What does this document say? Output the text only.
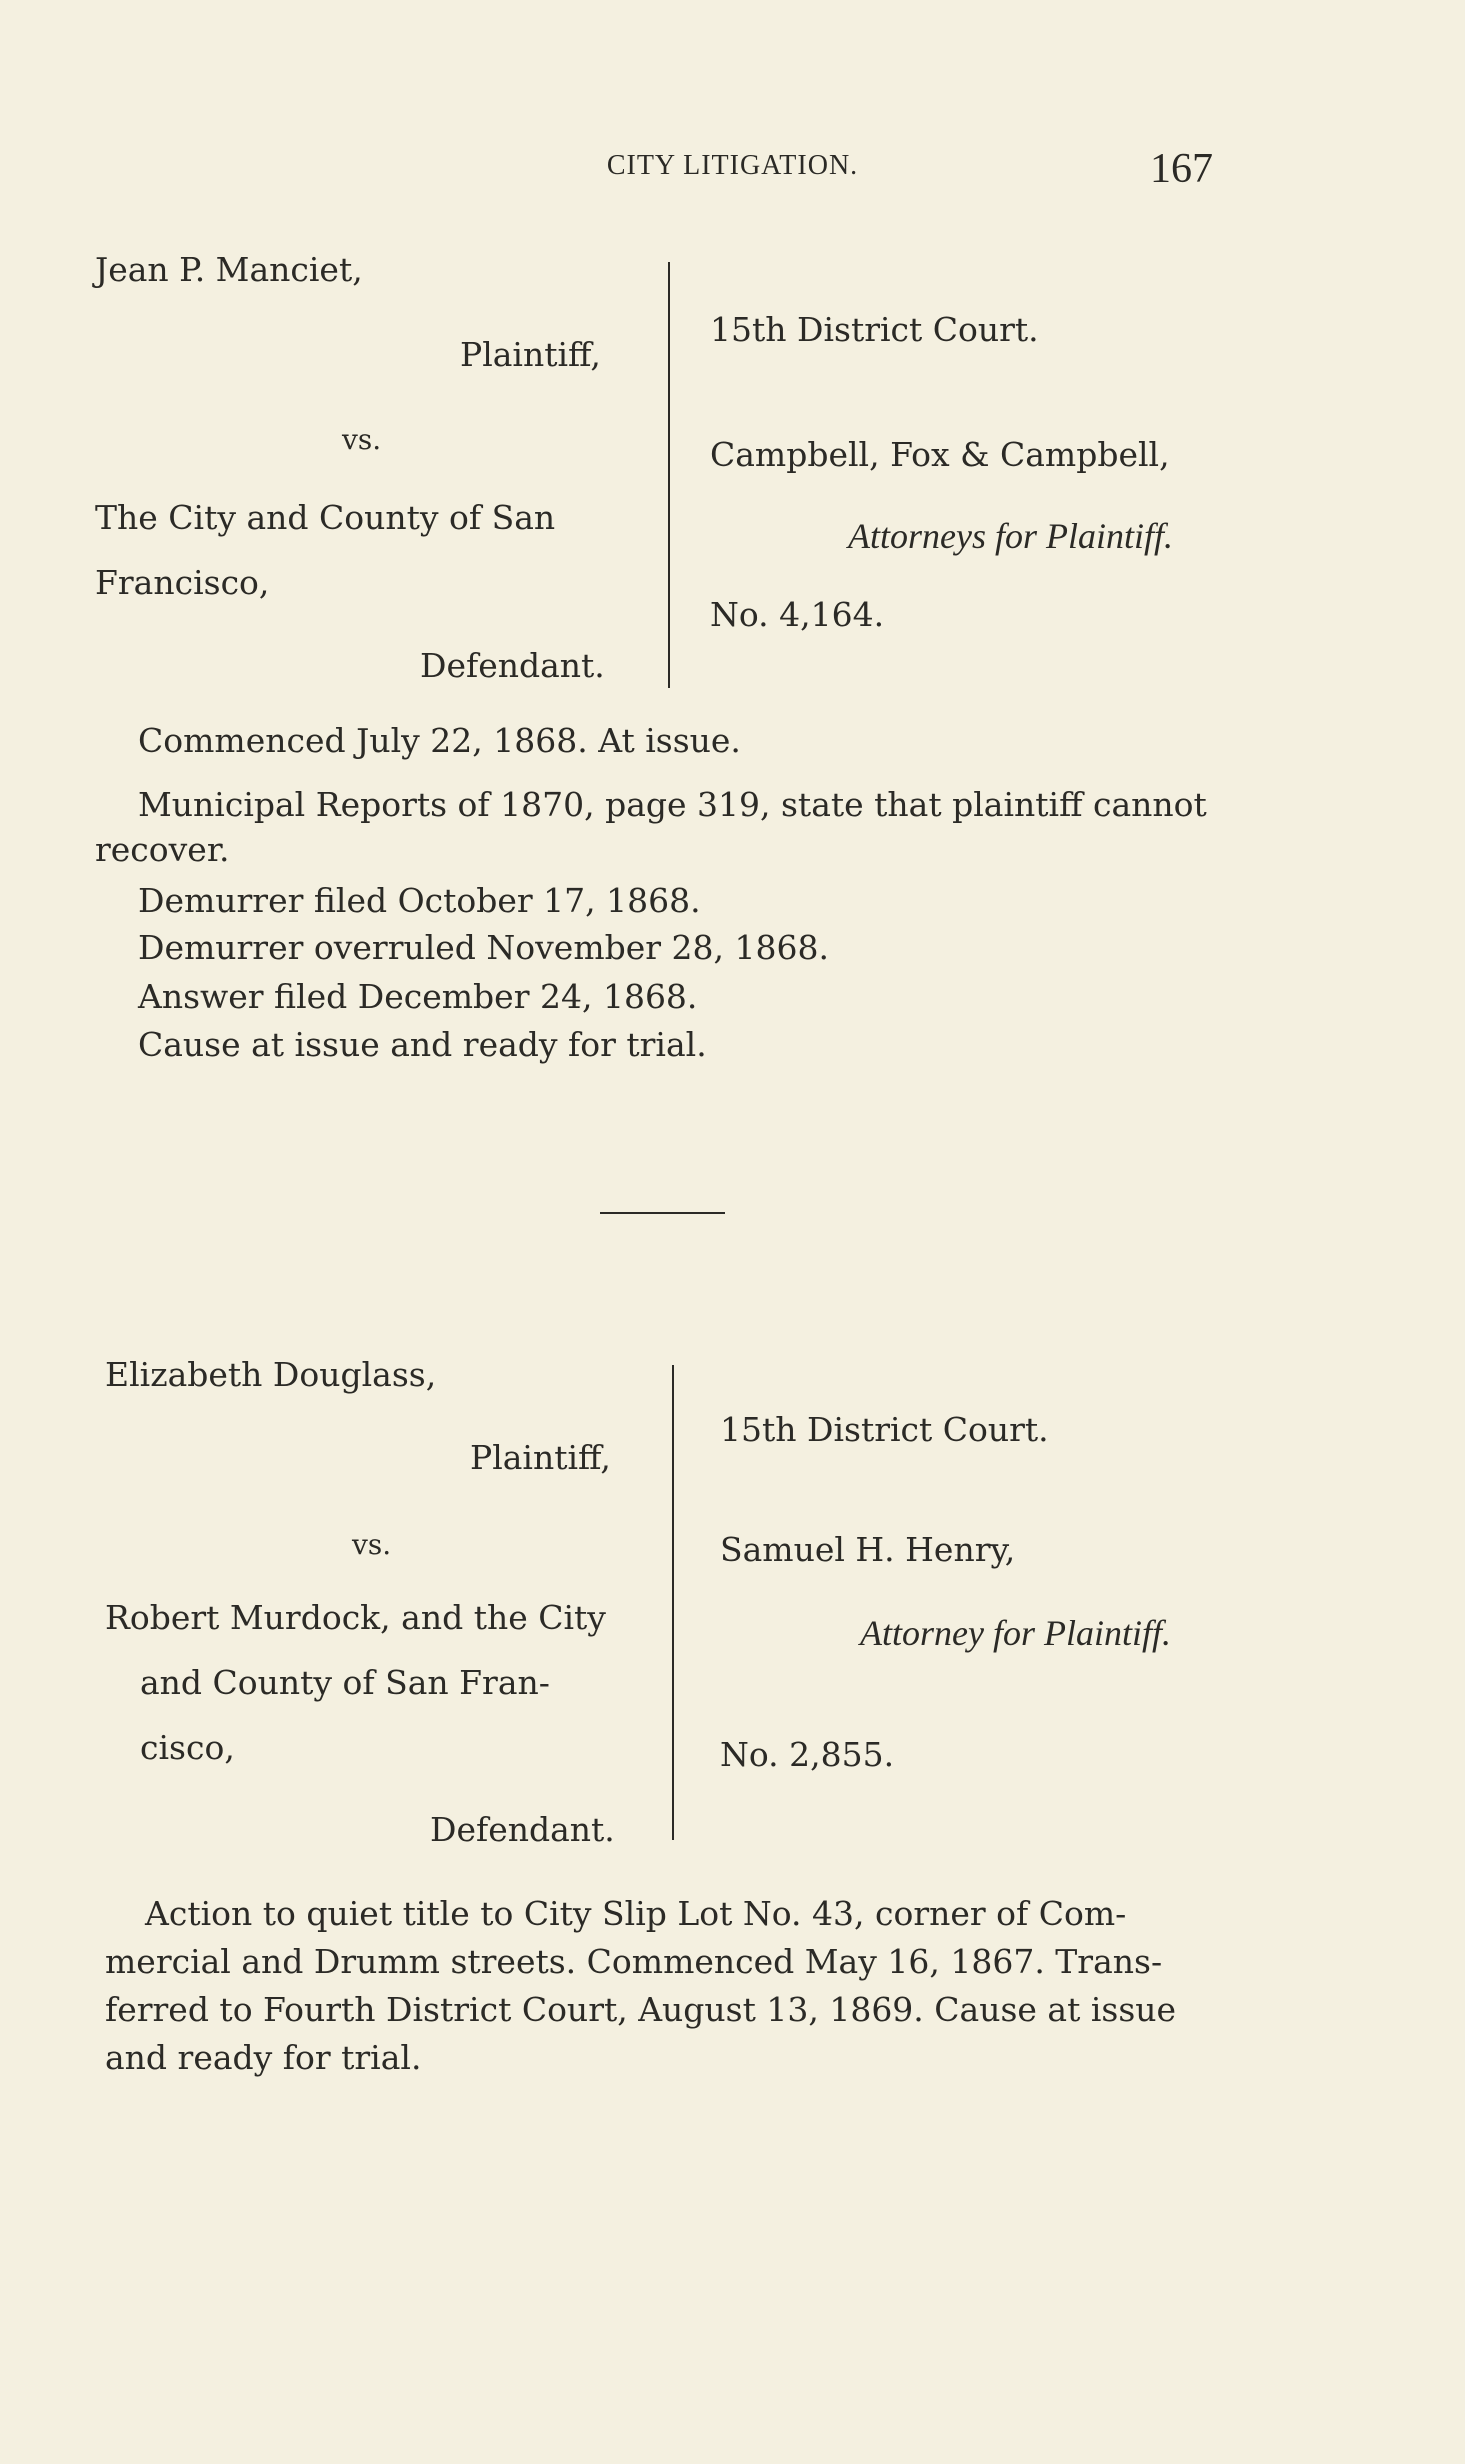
CITY LITIGATION.	167
Jean P. Manciet,
Plaintiff,
vs.
The City and County of San
Francisco,
Defendant.
15th District Court.
Campbell, Fox & Campbell,
Attorneys for Plaintiff.
No. 4,164.
Commenced July 22, 1868. At issue.
Municipal Reports of 1870, page 319, state that plaintiff cannot
recover.
Demurrer filed October 17, 1868.
Demurrer overruled November 28, 1868.
Answer filed December 24, 1868.
Cause at issue and ready for trial.
Elizabeth Douglass,
Plaintiff,
vs.
Robert Murdock, and the City
and County of San Fran-
cisco,
Defendant.
15th District Court.
Samuel H. Henry,
Attorney for Plaintiff.
No. 2,855.
Action to quiet title to City Slip Lot No. 43, corner of Com-
mercial and Drumm streets. Commenced May 16, 1867. Trans-
ferred to Fourth District Court, August 13, 1869. Cause at issue
and ready for trial.
